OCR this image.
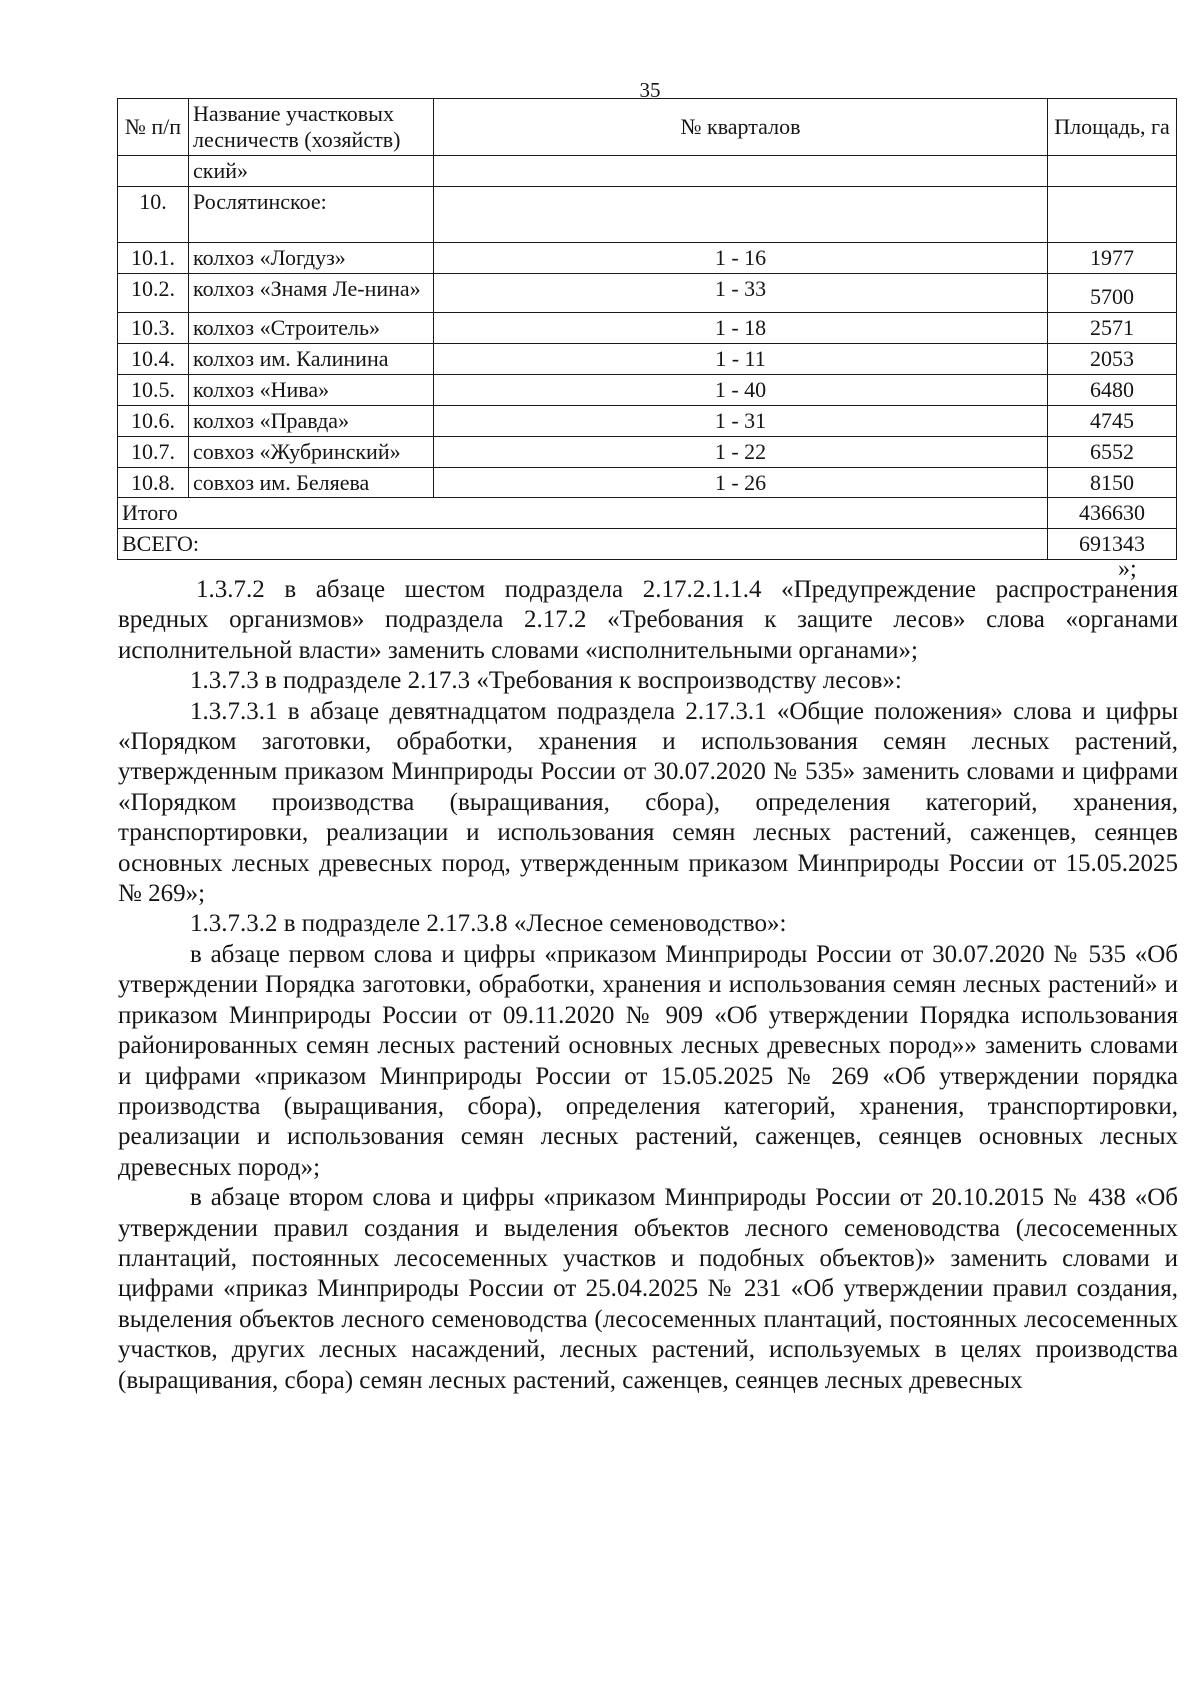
35
№ п/п	Название участковых лесничеств (хозяйств)	№ кварталов	Площадь, га
	ский»		
10.	Рослятинское:		
10.1.	колхоз «Логдуз»	1 - 16	1977
10.2.	колхоз «Знамя Ле-нина»	1 - 33	5700
10.3.	колхоз «Строитель»	1 - 18	2571
10.4.	колхоз им. Калинина	1 - 11	2053
10.5.	колхоз «Нива»	1 - 40	6480
10.6.	колхоз «Правда»	1 - 31	4745
10.7.	совхоз «Жубринский»	1 - 22	6552
10.8.	совхоз им. Беляева	1 - 26	8150
Итого			436630
ВСЕГО:			691343
»;

1.3.7.2 в абзаце шестом подраздела 2.17.2.1.1.4 «Предупреждение распространения вредных организмов» подраздела 2.17.2 «Требования к защите лесов» слова «органами исполнительной власти» заменить словами «исполнительными органами»;

1.3.7.3 в подразделе 2.17.3 «Требования к воспроизводству лесов»:

1.3.7.3.1 в абзаце девятнадцатом подраздела 2.17.3.1 «Общие положения» слова и цифры «Порядком заготовки, обработки, хранения и использования семян лесных растений, утвержденным приказом Минприроды России от 30.07.2020 № 535» заменить словами и цифрами «Порядком производства (выращивания, сбора), определения категорий, хранения, транспортировки, реализации и использования семян лесных растений, саженцев, сеянцев основных лесных древесных пород, утвержденным приказом Минприроды России от 15.05.2025 № 269»;

1.3.7.3.2 в подразделе 2.17.3.8 «Лесное семеноводство»:

в абзаце первом слова и цифры «приказом Минприроды России от 30.07.2020 № 535 «Об утверждении Порядка заготовки, обработки, хранения и использования семян лесных растений» и приказом Минприроды России от 09.11.2020 № 909 «Об утверждении Порядка использования районированных семян лесных растений основных лесных древесных пород»» заменить словами и цифрами «приказом Минприроды России от 15.05.2025 № 269 «Об утверждении порядка производства (выращивания, сбора), определения категорий, хранения, транспортировки, реализации и использования семян лесных растений, саженцев, сеянцев основных лесных древесных пород»;

в абзаце втором слова и цифры «приказом Минприроды России от 20.10.2015 № 438 «Об утверждении правил создания и выделения объектов лесного семеноводства (лесосеменных плантаций, постоянных лесосеменных участков и подобных объектов)» заменить словами и цифрами «приказ Минприроды России от 25.04.2025 № 231 «Об утверждении правил создания, выделения объектов лесного семеноводства (лесосеменных плантаций, постоянных лесосеменных участков, других лесных насаждений, лесных растений, используемых в целях производства (выращивания, сбора) семян лесных растений, саженцев, сеянцев лесных древесных
